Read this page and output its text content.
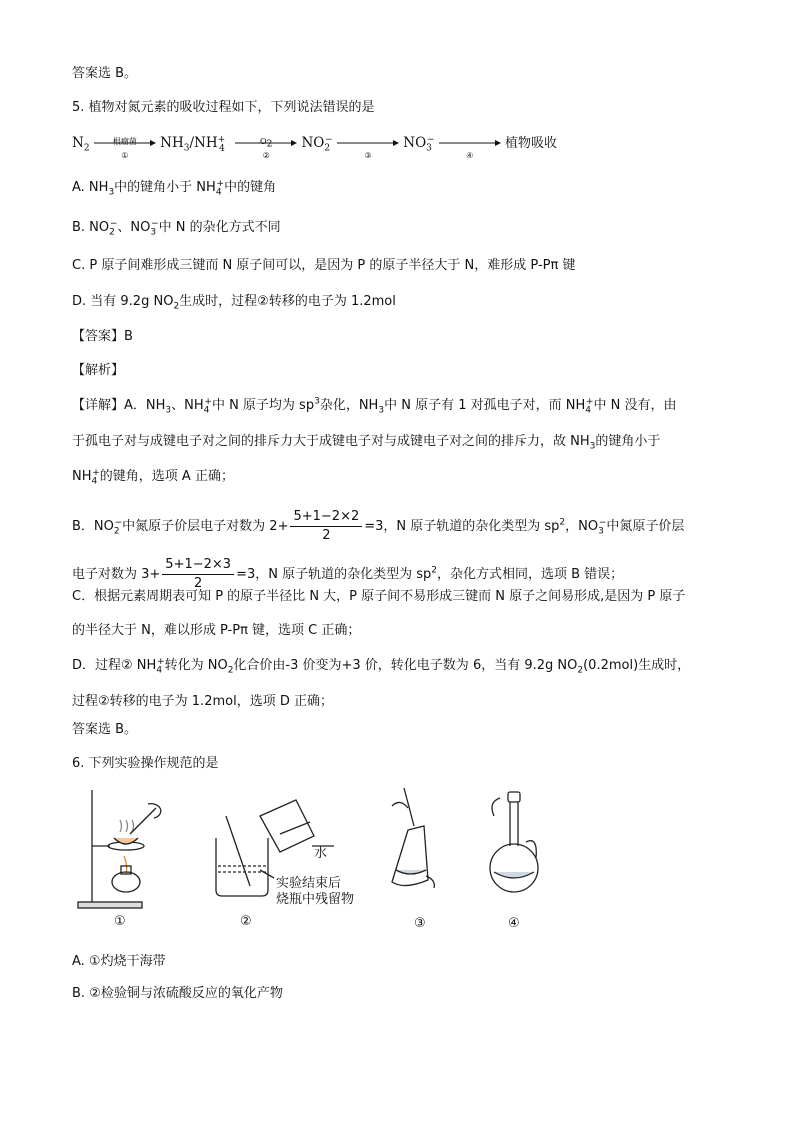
答案选 B。
5. 植物对氮元素的吸收过程如下，下列说法错误的是
$N_2$
根瘤菌
①
$NH_3/NH_{+4}$
$O_2$
②
$NO_2^-$
③
$NO_3^-$
④
植物吸收
A. $NH_3$中的键角小于 $NH_4^+$中的键角
B. $NO_2^-$、$NO_3^-$中 N 的杂化方式不同
C. P 原子间难形成三键而 N 原子间可以，是因为 P 的原子半径大于 N，难形成 P-Pπ 键
D. 当有 9.2g $NO_2$生成时，过程②转移的电子为 1.2mol
【答案】B
【解析】
【详解】A．$NH_3$、$NH_4^+$中 N 原子均为 $sp^3$杂化，$NH_3$中 N 原子有 1 对孤电子对，而 $NH_4^+$中 N 没有，由
于孤电子对与成键电子对之间的排斥力大于成键电子对与成键电子对之间的排斥力，故 $NH_3$的键角小于
$NH_4^+$的键角，选项 A 正确；
B．$NO_2^-$中氮原子价层电子对数为 $2+ \frac{5+1-2\times 2}{2} =3$，N 原子轨道的杂化类型为 $sp^2$，$NO_3^-$中氮原子价层
电子对数为 $3+ \frac{5+1-2\times 3}{2} =3$，N 原子轨道的杂化类型为 $sp^2$，杂化方式相同，选项 B 错误；
C．根据元素周期表可知 P 的原子半径比 N 大，P 原子间不易形成三键而 N 原子之间易形成,是因为 P 原子
的半径大于 N，难以形成 P-Pπ 键，选项 C 正确；
D．过程② $NH_4^+$转化为 $NO_2$化合价由-3 价变为+3 价，转化电子数为 6，当有 9.2g $NO_2(0.2mol)$生成时，
过程②转移的电子为 1.2mol，选项 D 正确；
答案选 B。
6. 下列实验操作规范的是
水
实验结束后
烧瓶中残留物
①	②	③	④
A. ①灼烧干海带
B. ②检验铜与浓硫酸反应的氧化产物
